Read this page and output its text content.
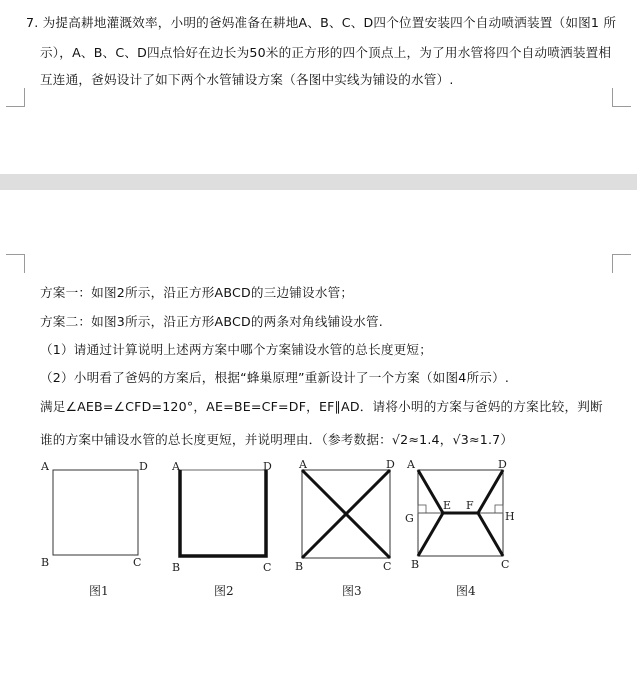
7. 为提高耕地灌溉效率，小明的爸妈准备在耕地A、B、C、D四个位置安装四个自动喷洒装置（如图1 所
示），A、B、C、D四点恰好在边长为50米的正方形的四个顶点上，为了用水管将四个自动喷洒装置相
互连通，爸妈设计了如下两个水管铺设方案（各图中实线为铺设的水管）.
方案一：如图2所示，沿正方形ABCD的三边铺设水管；
方案二：如图3所示，沿正方形ABCD的两条对角线铺设水管.
（1）请通过计算说明上述两方案中哪个方案铺设水管的总长度更短；
（2）小明看了爸妈的方案后，根据“蜂巢原理”重新设计了一个方案（如图4所示）.
满足∠AEB=∠CFD=120°，AE=BE=CF=DF，EF∥AD．请将小明的方案与爸妈的方案比较，判断
谁的方案中铺设水管的总长度更短，并说明理由．（参考数据：√2≈1.4，√3≈1.7）
A	D
B	C
图1
A	D
B	C
图2
A	D
B	C
图3
A	D
B	C
E F
G	H
图4
